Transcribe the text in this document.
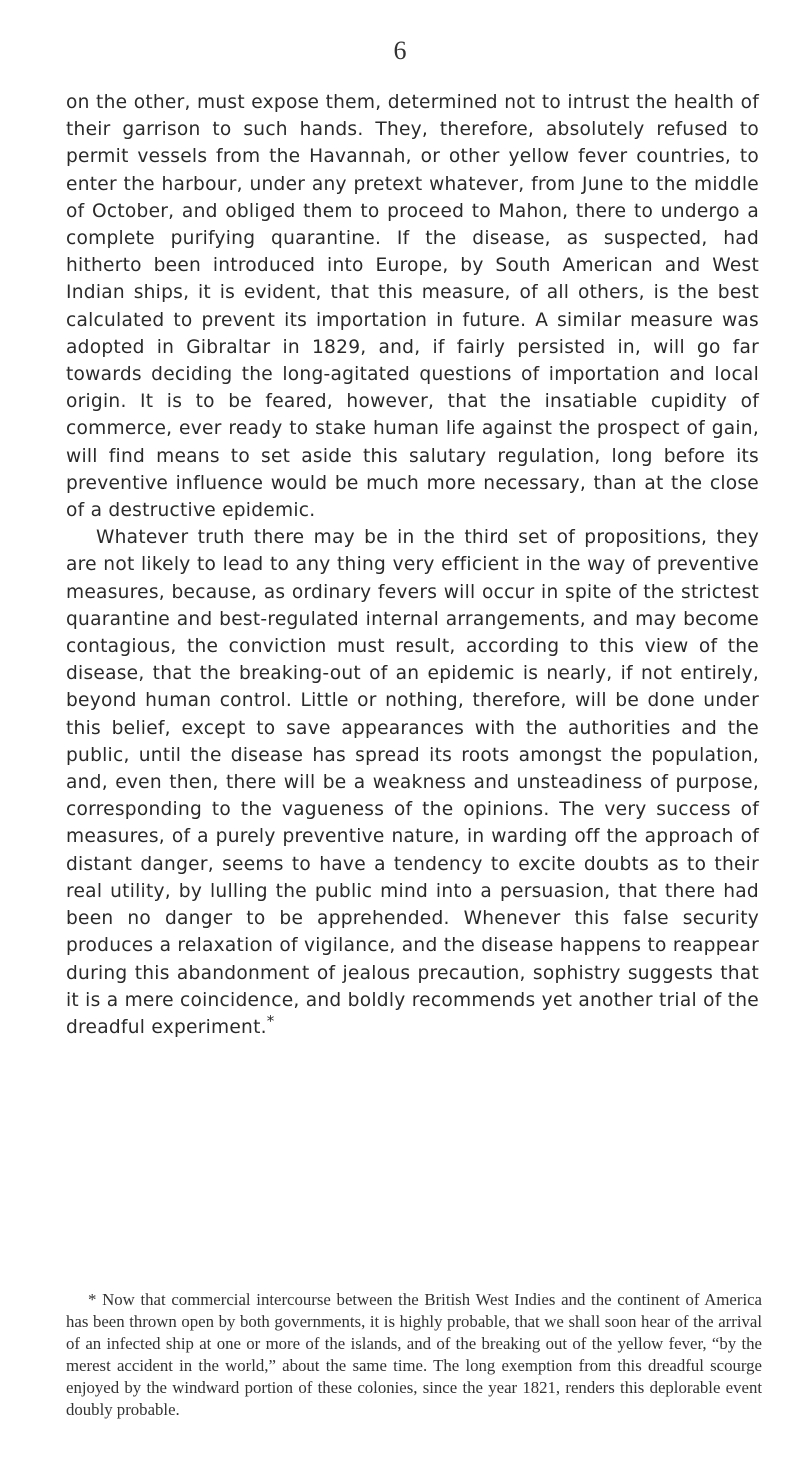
6

on the other, must expose them, determined not to intrust the health of their garrison to such hands. They, therefore, absolutely refused to permit vessels from the Havannah, or other yellow fever countries, to enter the harbour, under any pretext whatever, from June to the middle of October, and obliged them to proceed to Mahon, there to undergo a complete purifying quarantine. If the disease, as suspected, had hitherto been introduced into Europe, by South American and West Indian ships, it is evident, that this measure, of all others, is the best calculated to prevent its importation in future. A similar measure was adopted in Gibraltar in 1829, and, if fairly persisted in, will go far towards deciding the long-agitated questions of importation and local origin. It is to be feared, however, that the insatiable cupidity of commerce, ever ready to stake human life against the prospect of gain, will find means to set aside this salutary regulation, long before its preventive influence would be much more necessary, than at the close of a destructive epidemic.

Whatever truth there may be in the third set of propositions, they are not likely to lead to any thing very efficient in the way of preventive measures, because, as ordinary fevers will occur in spite of the strictest quarantine and best-regulated internal arrangements, and may become contagious, the conviction must result, according to this view of the disease, that the breaking-out of an epidemic is nearly, if not entirely, beyond human control. Little or nothing, therefore, will be done under this belief, except to save appearances with the authorities and the public, until the disease has spread its roots amongst the population, and, even then, there will be a weakness and unsteadiness of purpose, corresponding to the vagueness of the opinions. The very success of measures, of a purely preventive nature, in warding off the approach of distant danger, seems to have a tendency to excite doubts as to their real utility, by lulling the public mind into a persuasion, that there had been no danger to be apprehended. Whenever this false security produces a relaxation of vigilance, and the disease happens to reappear during this abandonment of jealous precaution, sophistry suggests that it is a mere coincidence, and boldly recommends yet another trial of the dreadful experiment.*

* Now that commercial intercourse between the British West Indies and the continent of America has been thrown open by both governments, it is highly probable, that we shall soon hear of the arrival of an infected ship at one or more of the islands, and of the breaking out of the yellow fever, “by the merest accident in the world,” about the same time. The long exemption from this dreadful scourge enjoyed by the windward portion of these colonies, since the year 1821, renders this deplorable event doubly probable.
